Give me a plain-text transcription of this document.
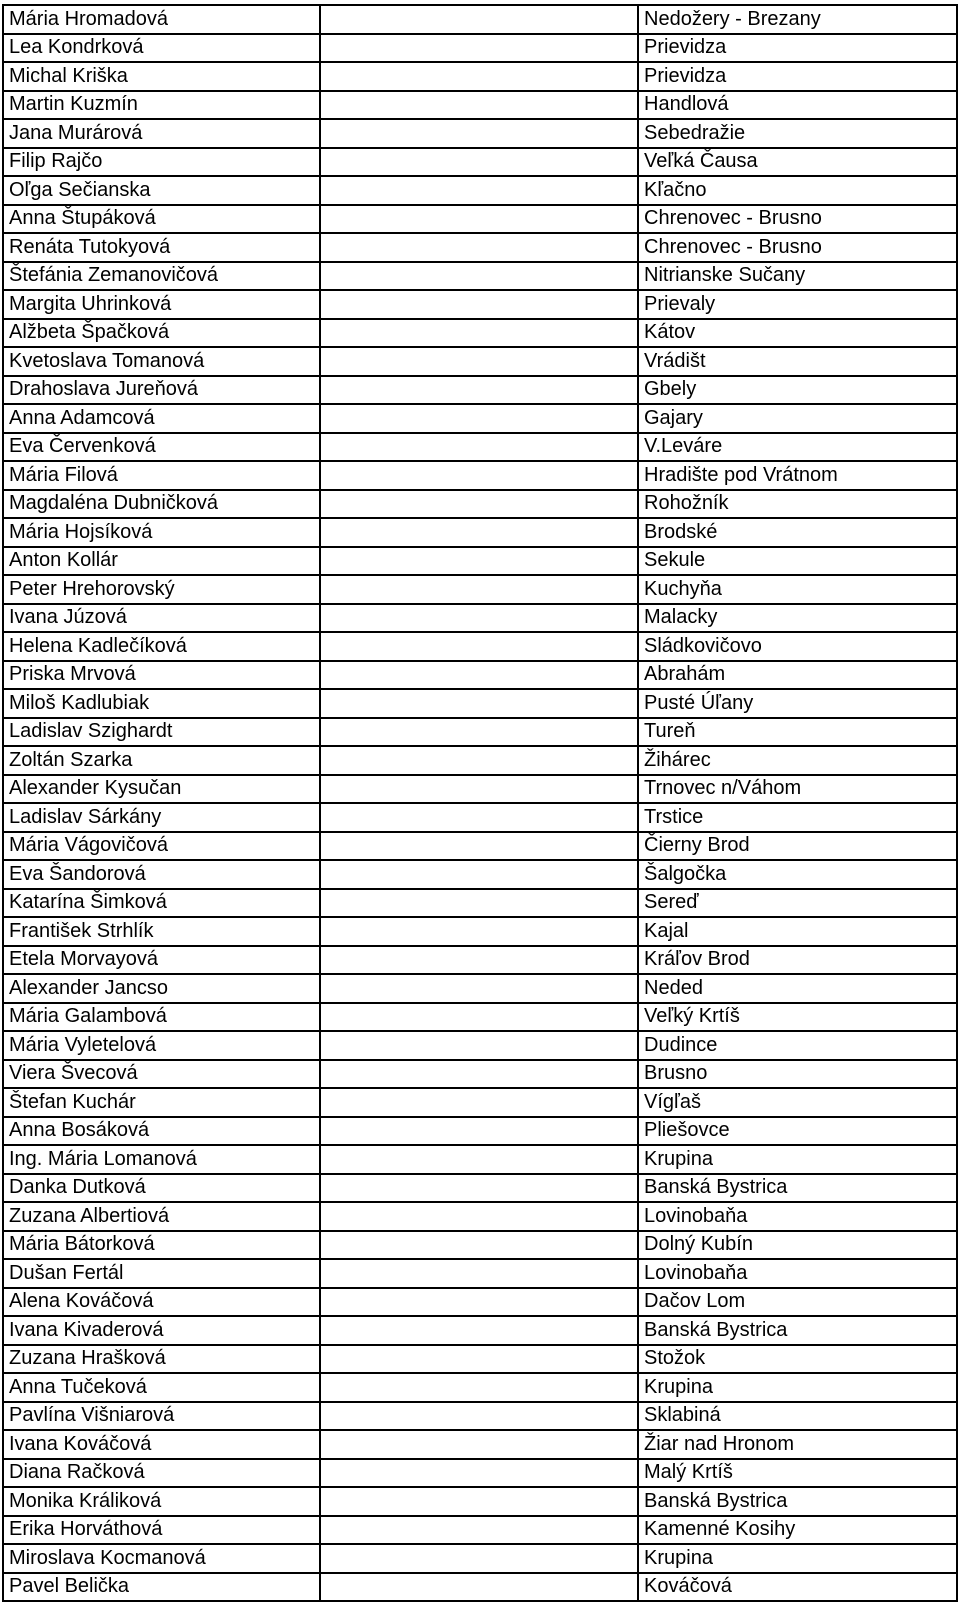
Mária Hromadová		Nedožery - Brezany
Lea Kondrková		Prievidza
Michal Kriška		Prievidza
Martin Kuzmín		Handlová
Jana Murárová		Sebedražie
Filip Rajčo		Veľká Čausa
Oľga Sečianska		Kľačno
Anna Štupáková		Chrenovec - Brusno
Renáta Tutokyová		Chrenovec - Brusno
Štefánia Zemanovičová		Nitrianske Sučany
Margita Uhrinková		Prievaly
Alžbeta Špačková		Kátov
Kvetoslava Tomanová		Vrádišt
Drahoslava Jureňová		Gbely
Anna Adamcová		Gajary
Eva Červenková		V.Leváre
Mária Filová		Hradište pod Vrátnom
Magdaléna Dubničková		Rohožník
Mária Hojsíková		Brodské
Anton Kollár		Sekule
Peter Hrehorovský		Kuchyňa
Ivana Júzová		Malacky
Helena Kadlečíková		Sládkovičovo
Priska Mrvová		Abrahám
Miloš Kadlubiak		Pusté Úľany
Ladislav Szighardt		Tureň
Zoltán Szarka		Žihárec
Alexander Kysučan		Trnovec n/Váhom
Ladislav Sárkány		Trstice
Mária Vágovičová		Čierny Brod
Eva Šandorová		Šalgočka
Katarína Šimková		Sereď
František Strhlík		Kajal
Etela Morvayová		Kráľov Brod
Alexander Jancso		Neded
Mária Galambová		Veľký Krtíš
Mária Vyletelová		Dudince
Viera Švecová		Brusno
Štefan Kuchár		Vígľaš
Anna Bosáková		Pliešovce
Ing. Mária Lomanová		Krupina
Danka Dutková		Banská Bystrica
Zuzana Albertiová		Lovinobaňa
Mária Bátorková		Dolný Kubín
Dušan Fertál		Lovinobaňa
Alena Kováčová		Dačov Lom
Ivana Kivaderová		Banská Bystrica
Zuzana Hrašková		Stožok
Anna Tučeková		Krupina
Pavlína Višniarová		Sklabiná
Ivana Kováčová		Žiar nad Hronom
Diana Račková		Malý Krtíš
Monika Králiková		Banská Bystrica
Erika Horváthová		Kamenné Kosihy
Miroslava Kocmanová		Krupina
Pavel Belička		Kováčová
